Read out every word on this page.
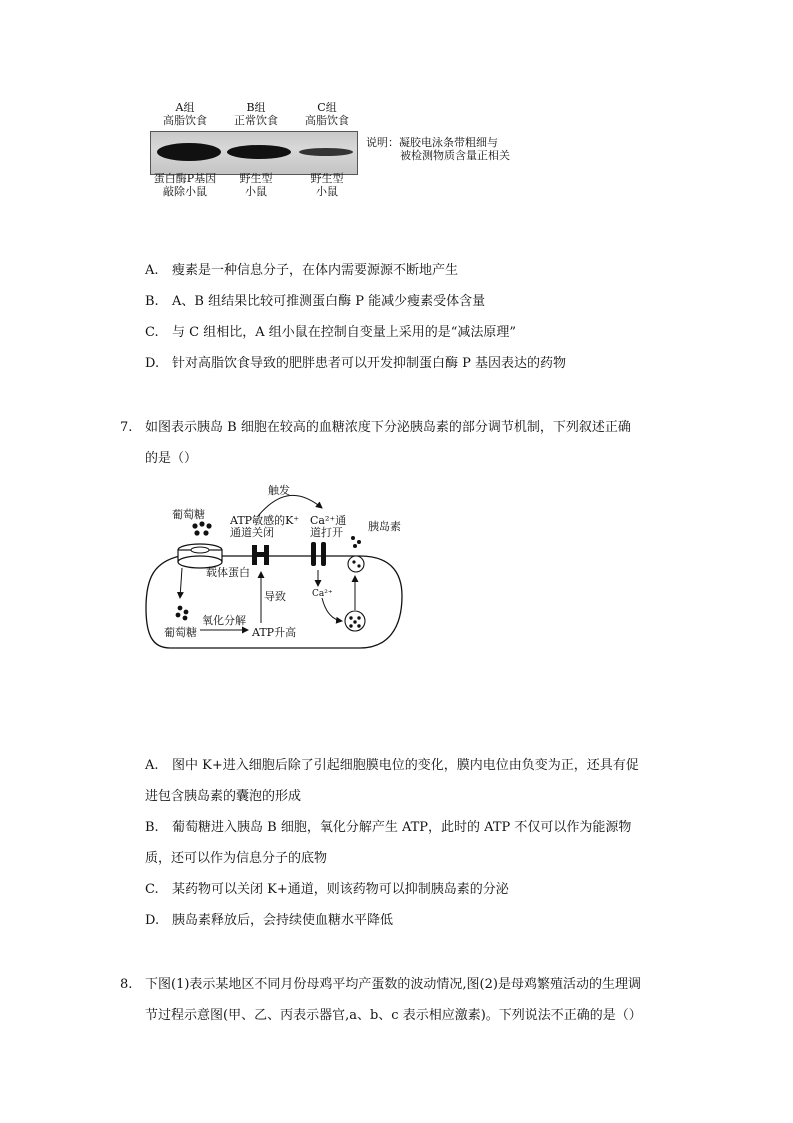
A组
高脂饮食
B组
正常饮食
C组
高脂饮食
说明：凝胶电泳条带粗细与
被检测物质含量正相关
蛋白酶P基因
敲除小鼠
野生型
小鼠
野生型
小鼠
A. 瘦素是一种信息分子，在体内需要源源不断地产生
B. A、B 组结果比较可推测蛋白酶 P 能减少瘦素受体含量
C. 与 C 组相比，A 组小鼠在控制自变量上采用的是“减法原理”
D. 针对高脂饮食导致的肥胖患者可以开发抑制蛋白酶 P 基因表达的药物
7. 如图表示胰岛 B 细胞在较高的血糖浓度下分泌胰岛素的部分调节机制，下列叙述正确
的是（）
触发
葡萄糖 ATP敏感的K⁺
通道关闭
Ca²⁺通
道打开 胰岛素
载体蛋白
导致	Ca²⁺
葡萄糖
氧化分解
ATP升高
A. 图中 K+进入细胞后除了引起细胞膜电位的变化，膜内电位由负变为正，还具有促
进包含胰岛素的囊泡的形成
B. 葡萄糖进入胰岛 B 细胞，氧化分解产生 ATP，此时的 ATP 不仅可以作为能源物
质，还可以作为信息分子的底物
C. 某药物可以关闭 K+通道，则该药物可以抑制胰岛素的分泌
D. 胰岛素释放后，会持续使血糖水平降低
8. 下图(1)表示某地区不同月份母鸡平均产蛋数的波动情况,图(2)是母鸡繁殖活动的生理调
节过程示意图(甲、乙、丙表示器官,a、b、c 表示相应激素)。下列说法不正确的是（）
